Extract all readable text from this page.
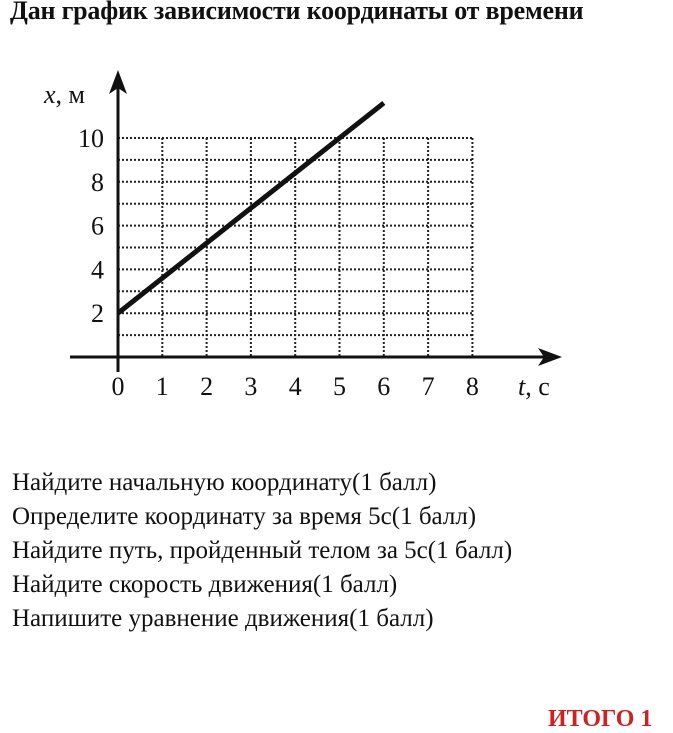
Дан график зависимости координаты от времени
0 1 2 3 4 5 6 7 8
2
4
6
8
10
x, м
t, с
Найдите начальную координату(1 балл)
Определите координату за время 5с(1 балл)
Найдите путь, пройденный телом за 5с(1 балл)
Найдите скорость движения(1 балл)
Напишите уравнение движения(1 балл)
ИТОГО 1
